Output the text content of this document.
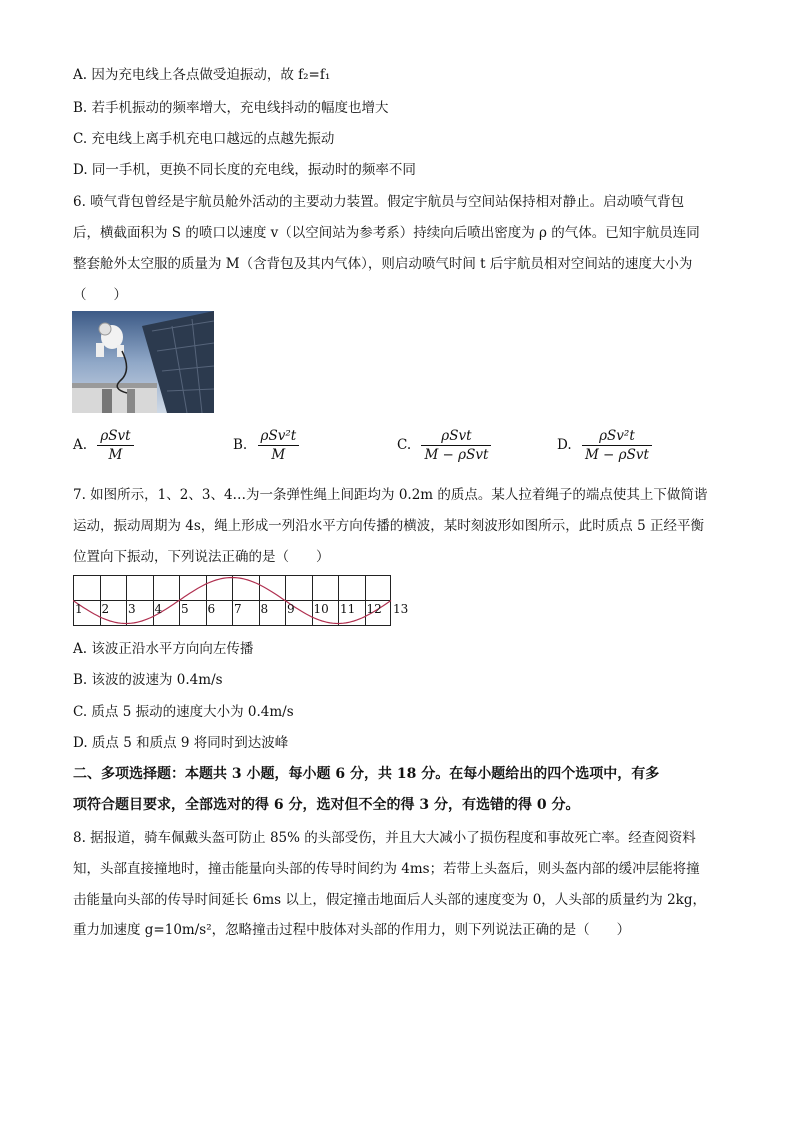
A. 因为充电线上各点做受迫振动，故 f₂=f₁
B. 若手机振动的频率增大，充电线抖动的幅度也增大
C. 充电线上离手机充电口越远的点越先振动
D. 同一手机，更换不同长度的充电线，振动时的频率不同
6. 喷气背包曾经是宇航员舱外活动的主要动力装置。假定宇航员与空间站保持相对静止。启动喷气背包
后，横截面积为 S 的喷口以速度 v（以空间站为参考系）持续向后喷出密度为 ρ 的气体。已知宇航员连同
整套舱外太空服的质量为 M（含背包及其内气体），则启动喷气时间 t 后宇航员相对空间站的速度大小为
（　　）
A. $\frac{\text{ρSvt}}{M}$	B. $\frac{\text{ρSv²t}}{M}$	C. $\frac{\text{ρSvt}}{\text{M − ρSvt}}$	D. $\frac{\text{ρSv²t}}{\text{M − ρSvt}}$
7. 如图所示，1、2、3、4…为一条弹性绳上间距均为 0.2m 的质点。某人拉着绳子的端点使其上下做简谐
运动，振动周期为 4s，绳上形成一列沿水平方向传播的横波，某时刻波形如图所示，此时质点 5 正经平衡
位置向下振动，下列说法正确的是（　　）
1 2 3 4 5 6 7 8 9 10 11 12 13
A. 该波正沿水平方向向左传播
B. 该波的波速为 0.4m/s
C. 质点 5 振动的速度大小为 0.4m/s
D. 质点 5 和质点 9 将同时到达波峰
二、多项选择题：本题共 3 小题，每小题 6 分，共 18 分。在每小题给出的四个选项中，有多
项符合题目要求，全部选对的得 6 分，选对但不全的得 3 分，有选错的得 0 分。
8. 据报道，骑车佩戴头盔可防止 85% 的头部受伤，并且大大减小了损伤程度和事故死亡率。经查阅资料
知，头部直接撞地时，撞击能量向头部的传导时间约为 4ms；若带上头盔后，则头盔内部的缓冲层能将撞
击能量向头部的传导时间延长 6ms 以上，假定撞击地面后人头部的速度变为 0，人头部的质量约为 2kg，
重力加速度 g=10m/s²，忽略撞击过程中肢体对头部的作用力，则下列说法正确的是（　　）
